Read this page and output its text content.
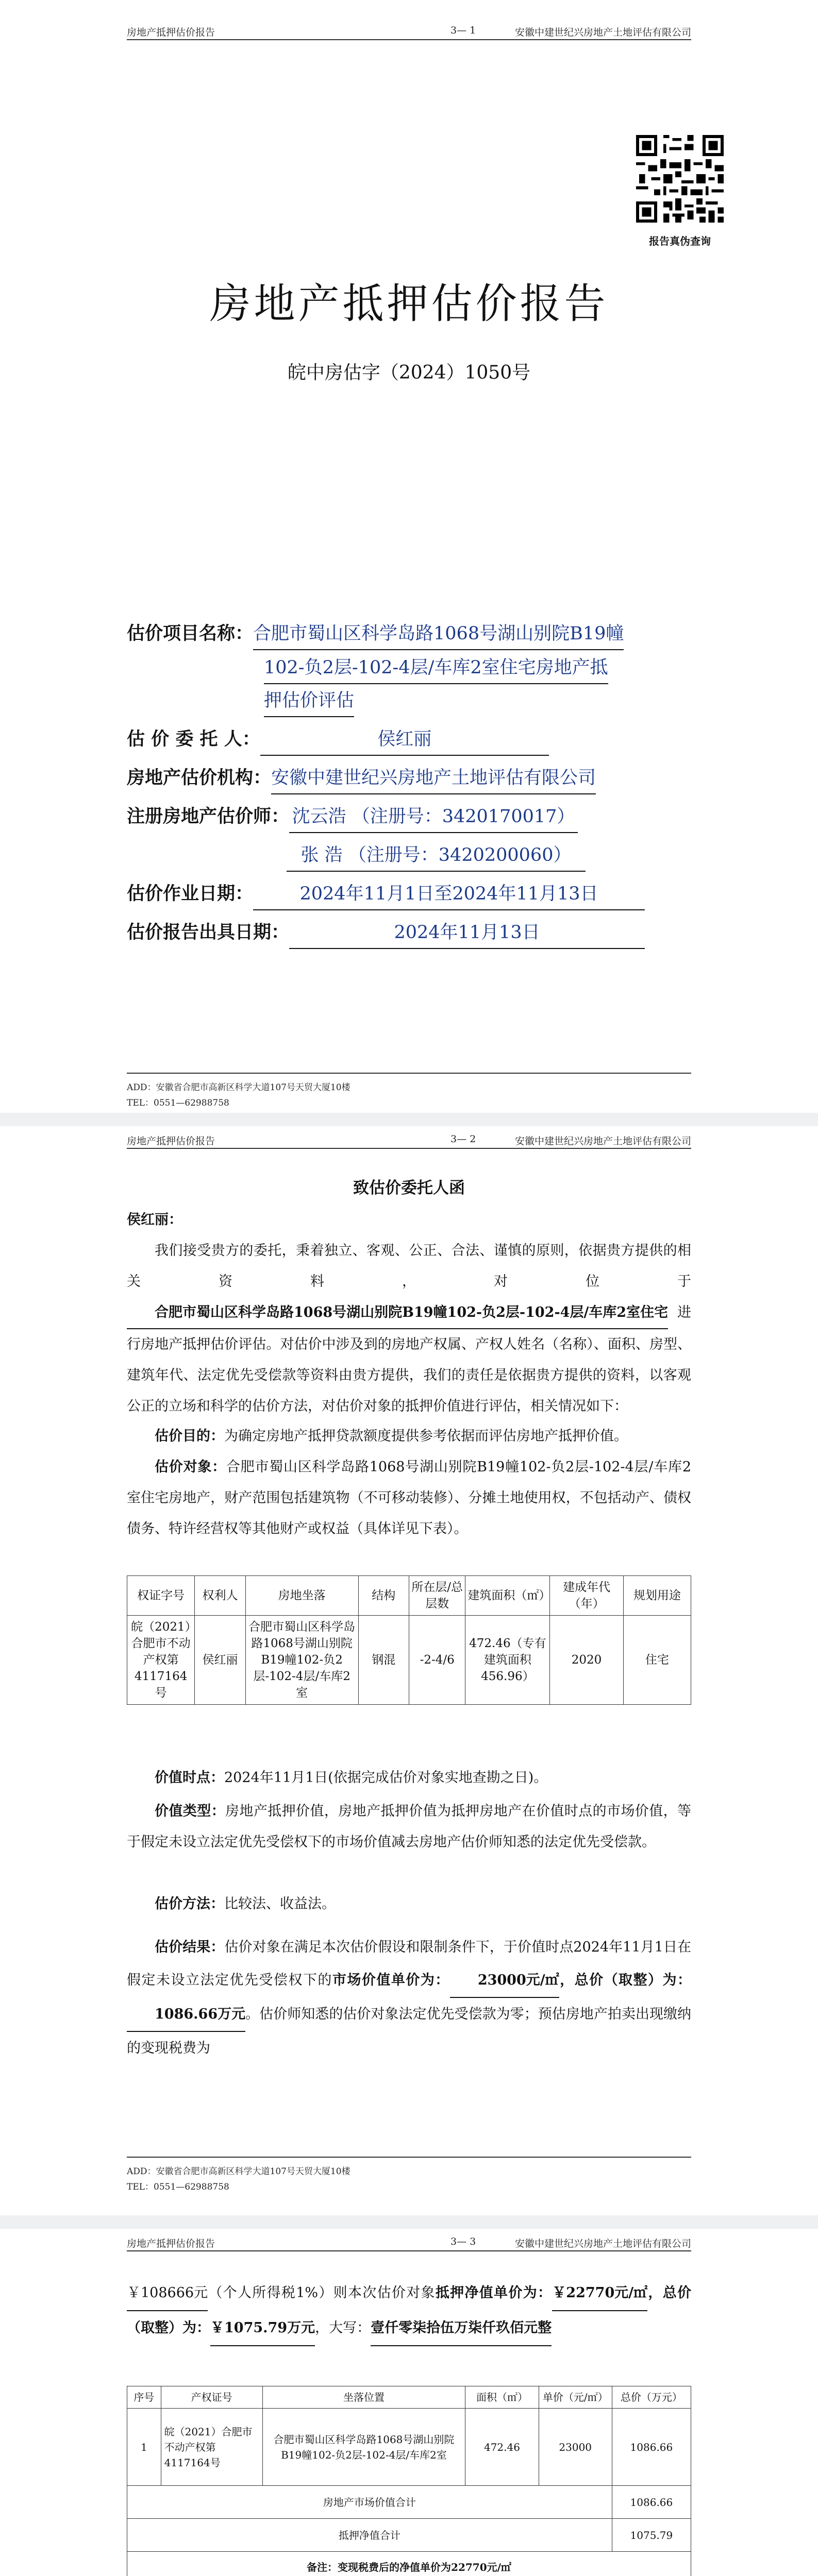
房地产抵押估价报告	3— 1	安徽中建世纪兴房地产土地评估有限公司
报告真伪查询
房地产抵押估价报告
皖中房估字（2024）1050号
估价项目名称：合肥市蜀山区科学岛路1068号湖山别院B19幢
102-负2层-102-4层/车库2室住宅房地产抵
押估价评估
估 价 委 托 人：	侯红丽
房地产估价机构：安徽中建世纪兴房地产土地评估有限公司
注册房地产估价师： 沈云浩 （注册号：3420170017）
张 浩 （注册号：3420200060）
估价作业日期：	2024年11月1日至2024年11月13日
估价报告出具日期：	2024年11月13日
ADD：安徽省合肥市高新区科学大道107号天贸大厦10楼
TEL：0551—62988758
房地产抵押估价报告	3— 2	安徽中建世纪兴房地产土地评估有限公司
致估价委托人函
侯红丽：
我们接受贵方的委托，秉着独立、客观、公正、合法、谨慎的原则，依据贵方提供的相关资料，对位于合肥市蜀山区科学岛路1068号湖山别院B19幢102-负2层-102-4层/车库2室住宅进行房地产抵押估价评估。对估价中涉及到的房地产权属、产权人姓名（名称）、面积、房型、建筑年代、法定优先受偿款等资料由贵方提供，我们的责任是依据贵方提供的资料，以客观公正的立场和科学的估价方法，对估价对象的抵押价值进行评估，相关情况如下：
估价目的：为确定房地产抵押贷款额度提供参考依据而评估房地产抵押价值。
估价对象：合肥市蜀山区科学岛路1068号湖山别院B19幢102-负2层-102-4层/车库2室住宅房地产，财产范围包括建筑物（不可移动装修）、分摊土地使用权，不包括动产、债权债务、特许经营权等其他财产或权益（具体详见下表）。
权证字号	权利人	房地坐落	结构	所在层/总层数	建筑面积（㎡）	建成年代（年）	规划用途
皖（2021）合肥市不动产权第4117164号	侯红丽	合肥市蜀山区科学岛路1068号湖山别院B19幢102-负2层-102-4层/车库2室	钢混	-2-4/6	472.46（专有建筑面积456.96）	2020	住宅
价值时点：2024年11月1日(依据完成估价对象实地查勘之日)。
价值类型：房地产抵押价值，房地产抵押价值为抵押房地产在价值时点的市场价值，等于假定未设立法定优先受偿权下的市场价值减去房地产估价师知悉的法定优先受偿款。
估价方法：比较法、收益法。
估价结果：估价对象在满足本次估价假设和限制条件下，于价值时点2024年11月1日在假定未设立法定优先受偿权下的市场价值单价为： 23000元/㎡，总价（取整）为：1086.66万元。估价师知悉的估价对象法定优先受偿款为零；预估房地产拍卖出现缴纳的变现税费为
ADD：安徽省合肥市高新区科学大道107号天贸大厦10楼
TEL：0551—62988758
房地产抵押估价报告	3— 3	安徽中建世纪兴房地产土地评估有限公司
￥108666元（个人所得税1%）则本次估价对象抵押净值单价为：￥22770元/㎡，总价（取整）为：￥1075.79万元，大写：壹仟零柒拾伍万柒仟玖佰元整
序号	产权证号	坐落位置	面积（㎡）	单价（元/㎡）	总价（万元）
1	皖（2021）合肥市不动产权第4117164号	合肥市蜀山区科学岛路1068号湖山别院B19幢102-负2层-102-4层/车库2室	472.46	23000	1086.66
房地产市场价值合计					1086.66
抵押净值合计					1075.79
备注：变现税费后的净值单价为22770元/㎡					
